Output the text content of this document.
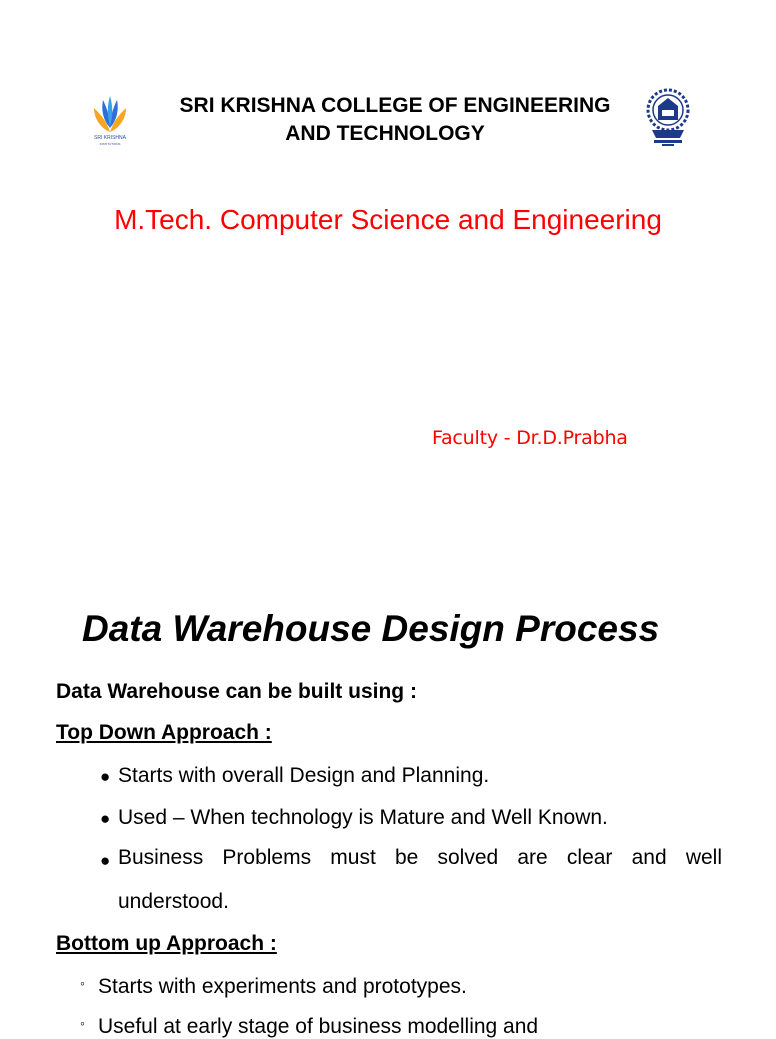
SRI KRISHNA
INSTITUTIONS
SRI KRISHNA COLLEGE OF ENGINEERING
AND TECHNOLOGY
M.Tech. Computer Science and Engineering
Faculty - Dr.D.Prabha
Data Warehouse Design Process
Data Warehouse can be built using :
Top Down Approach :
● Starts with overall Design and Planning.
● Used – When technology is Mature and Well Known.
● Business Problems must be solved are clear and well
understood.
Bottom up Approach :
◦ Starts with experiments and prototypes.
◦ Useful at early stage of business modelling and
